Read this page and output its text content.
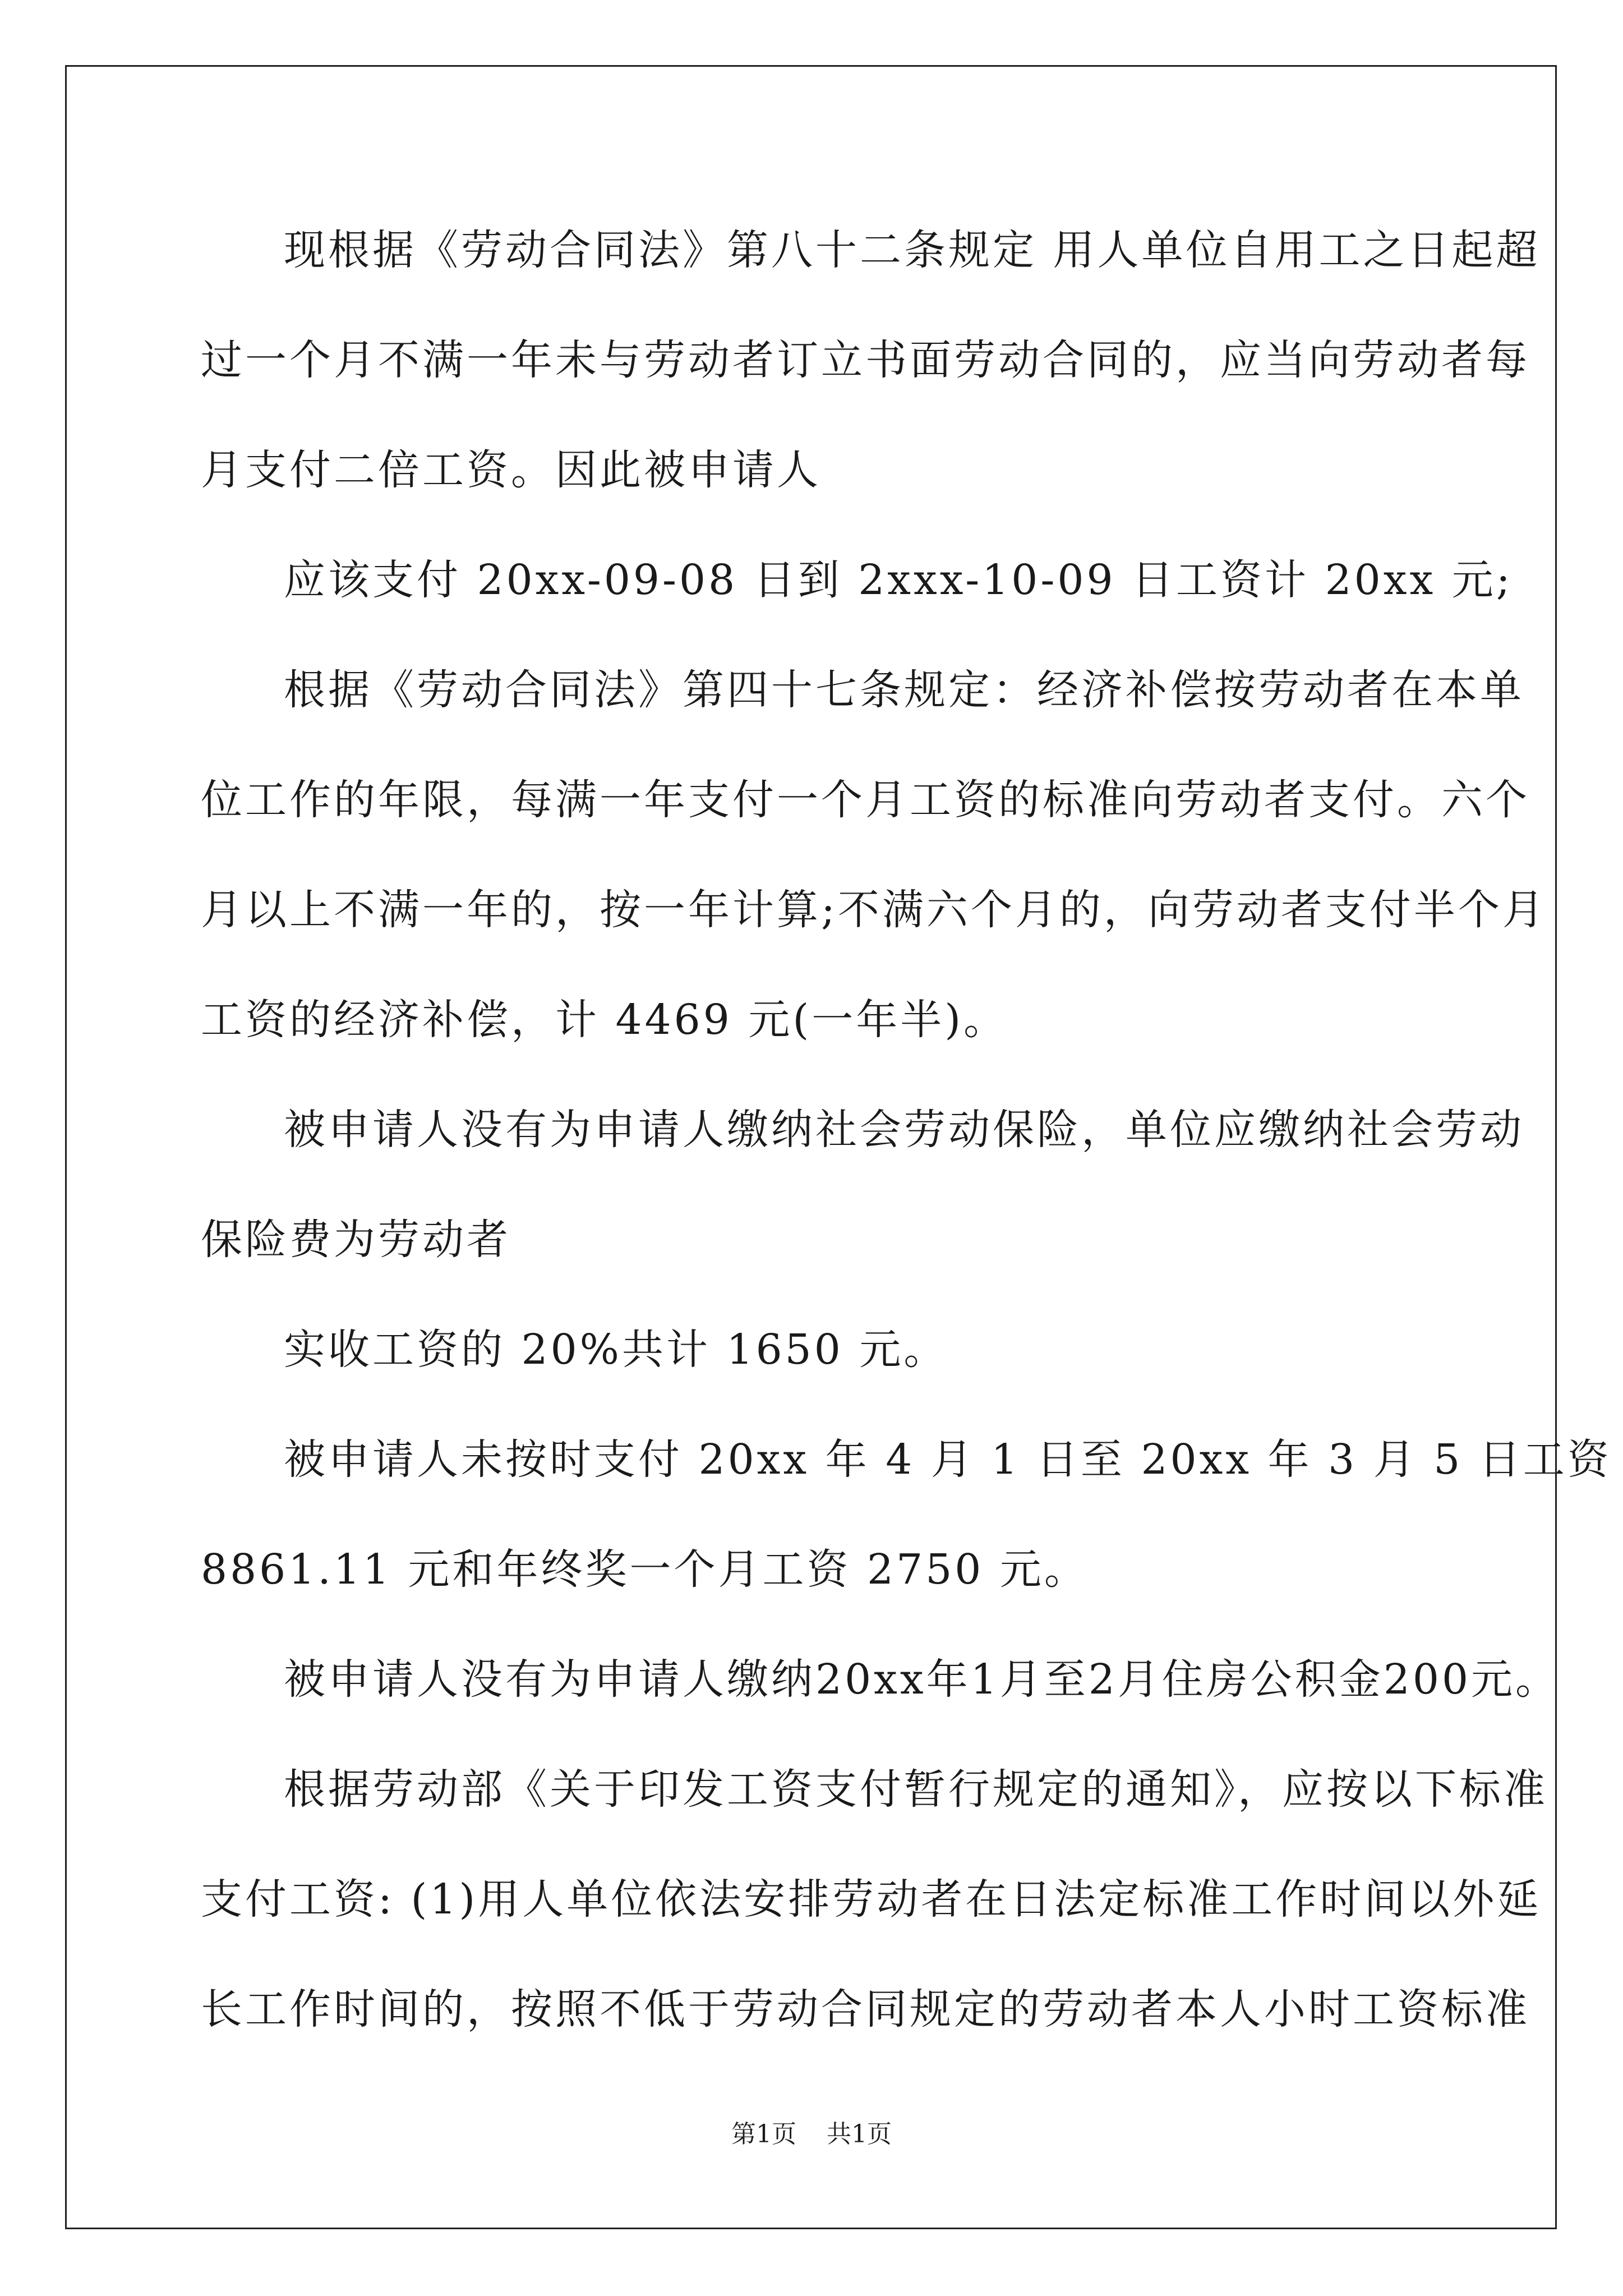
现根据《劳动合同法》第八十二条规定 用人单位自用工之日起超
过一个月不满一年未与劳动者订立书面劳动合同的，应当向劳动者每
月支付二倍工资。因此被申请人
应该支付 20xx-09-08 日到 2xxx-10-09 日工资计 20xx 元;
根据《劳动合同法》第四十七条规定：经济补偿按劳动者在本单
位工作的年限，每满一年支付一个月工资的标准向劳动者支付。六个
月以上不满一年的，按一年计算;不满六个月的，向劳动者支付半个月
工资的经济补偿，计 4469 元(一年半)。
被申请人没有为申请人缴纳社会劳动保险，单位应缴纳社会劳动
保险费为劳动者
实收工资的 20%共计 1650 元。
被申请人未按时支付 20xx 年 4 月 1 日至 20xx 年 3 月 5 日工资
8861.11 元和年终奖一个月工资 2750 元。
被申请人没有为申请人缴纳20xx年1月至2月住房公积金200元。
根据劳动部《关于印发工资支付暂行规定的通知》，应按以下标准
支付工资: (1)用人单位依法安排劳动者在日法定标准工作时间以外延
长工作时间的，按照不低于劳动合同规定的劳动者本人小时工资标准
第1页 共1页
